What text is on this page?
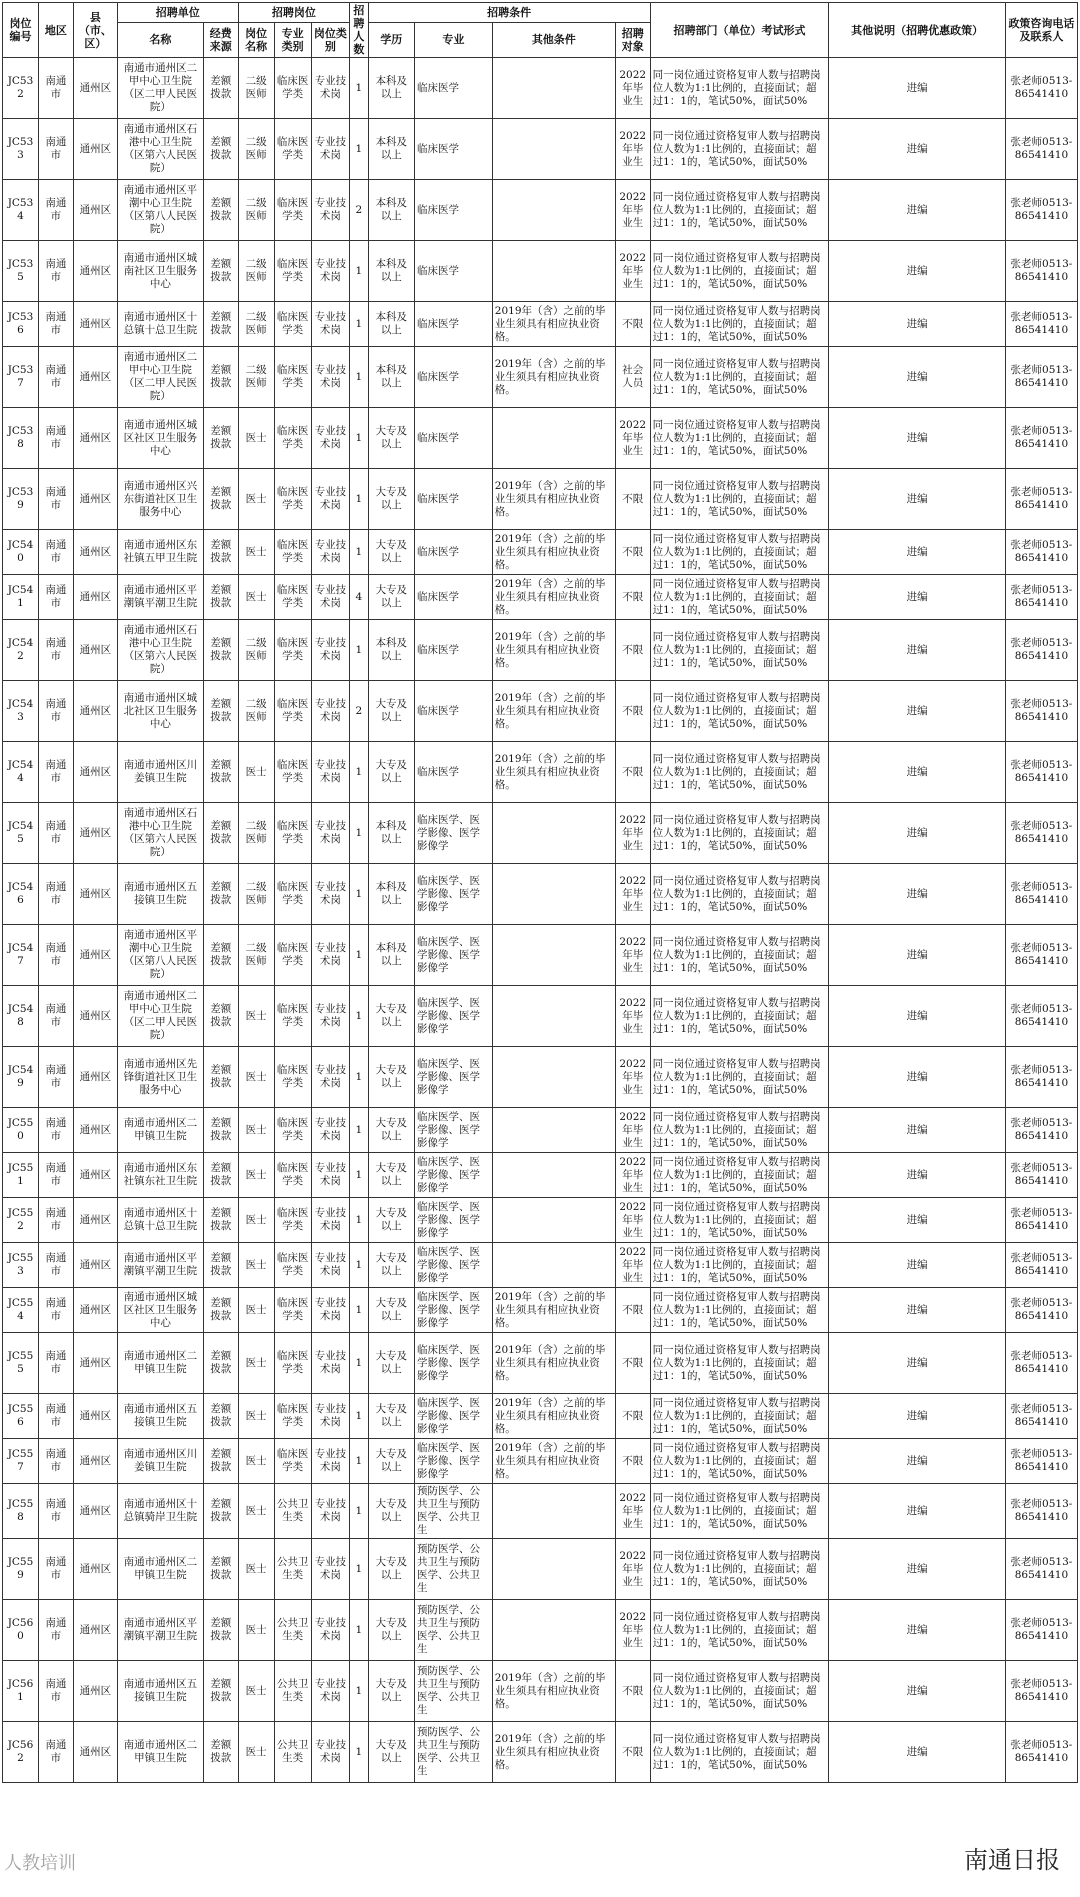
岗位编号	地区	县（市、区）	招聘单位		招聘岗位			招聘人数	招聘条件				招聘部门（单位）考试形式	其他说明（招聘优惠政策）	政策咨询电话及联系人
			名称	经费来源	岗位名称	专业类别	岗位类别		学历	专业	其他条件	招聘对象			
JC532	南通市	通州区	南通市通州区二甲中心卫生院（区二甲人民医院）	差额拨款	二级医师	临床医学类	专业技术岗	1	本科及以上	临床医学		2022年毕业生	同一岗位通过资格复审人数与招聘岗位人数为1:1比例的，直接面试；超过1：1的，笔试50%，面试50%	进编	张老师0513-86541410
JC533	南通市	通州区	南通市通州区石港中心卫生院（区第六人民医院）	差额拨款	二级医师	临床医学类	专业技术岗	1	本科及以上	临床医学		2022年毕业生	同一岗位通过资格复审人数与招聘岗位人数为1:1比例的，直接面试；超过1：1的，笔试50%，面试50%	进编	张老师0513-86541410
JC534	南通市	通州区	南通市通州区平潮中心卫生院（区第八人民医院）	差额拨款	二级医师	临床医学类	专业技术岗	2	本科及以上	临床医学		2022年毕业生	同一岗位通过资格复审人数与招聘岗位人数为1:1比例的，直接面试；超过1：1的，笔试50%，面试50%	进编	张老师0513-86541410
JC535	南通市	通州区	南通市通州区城南社区卫生服务中心	差额拨款	二级医师	临床医学类	专业技术岗	1	本科及以上	临床医学		2022年毕业生	同一岗位通过资格复审人数与招聘岗位人数为1:1比例的，直接面试；超过1：1的，笔试50%，面试50%	进编	张老师0513-86541410
JC536	南通市	通州区	南通市通州区十总镇十总卫生院	差额拨款	二级医师	临床医学类	专业技术岗	1	本科及以上	临床医学	2019年（含）之前的毕业生须具有相应执业资格。	不限	同一岗位通过资格复审人数与招聘岗位人数为1:1比例的，直接面试；超过1：1的，笔试50%，面试50%	进编	张老师0513-86541410
JC537	南通市	通州区	南通市通州区二甲中心卫生院（区二甲人民医院）	差额拨款	二级医师	临床医学类	专业技术岗	1	本科及以上	临床医学	2019年（含）之前的毕业生须具有相应执业资格。	社会人员	同一岗位通过资格复审人数与招聘岗位人数为1:1比例的，直接面试；超过1：1的，笔试50%，面试50%	进编	张老师0513-86541410
JC538	南通市	通州区	南通市通州区城区社区卫生服务中心	差额拨款	医士	临床医学类	专业技术岗	1	大专及以上	临床医学		2022年毕业生	同一岗位通过资格复审人数与招聘岗位人数为1:1比例的，直接面试；超过1：1的，笔试50%，面试50%	进编	张老师0513-86541410
JC539	南通市	通州区	南通市通州区兴东街道社区卫生服务中心	差额拨款	医士	临床医学类	专业技术岗	1	大专及以上	临床医学	2019年（含）之前的毕业生须具有相应执业资格。	不限	同一岗位通过资格复审人数与招聘岗位人数为1:1比例的，直接面试；超过1：1的，笔试50%，面试50%	进编	张老师0513-86541410
JC540	南通市	通州区	南通市通州区东社镇五甲卫生院	差额拨款	医士	临床医学类	专业技术岗	1	大专及以上	临床医学	2019年（含）之前的毕业生须具有相应执业资格。	不限	同一岗位通过资格复审人数与招聘岗位人数为1:1比例的，直接面试；超过1：1的，笔试50%，面试50%	进编	张老师0513-86541410
JC541	南通市	通州区	南通市通州区平潮镇平潮卫生院	差额拨款	医士	临床医学类	专业技术岗	4	大专及以上	临床医学	2019年（含）之前的毕业生须具有相应执业资格。	不限	同一岗位通过资格复审人数与招聘岗位人数为1:1比例的，直接面试；超过1：1的，笔试50%，面试50%	进编	张老师0513-86541410
JC542	南通市	通州区	南通市通州区石港中心卫生院（区第六人民医院）	差额拨款	二级医师	临床医学类	专业技术岗	1	本科及以上	临床医学	2019年（含）之前的毕业生须具有相应执业资格。	不限	同一岗位通过资格复审人数与招聘岗位人数为1:1比例的，直接面试；超过1：1的，笔试50%，面试50%	进编	张老师0513-86541410
JC543	南通市	通州区	南通市通州区城北社区卫生服务中心	差额拨款	二级医师	临床医学类	专业技术岗	2	大专及以上	临床医学	2019年（含）之前的毕业生须具有相应执业资格。	不限	同一岗位通过资格复审人数与招聘岗位人数为1:1比例的，直接面试；超过1：1的，笔试50%，面试50%	进编	张老师0513-86541410
JC544	南通市	通州区	南通市通州区川姜镇卫生院	差额拨款	医士	临床医学类	专业技术岗	1	大专及以上	临床医学	2019年（含）之前的毕业生须具有相应执业资格。	不限	同一岗位通过资格复审人数与招聘岗位人数为1:1比例的，直接面试；超过1：1的，笔试50%，面试50%	进编	张老师0513-86541410
JC545	南通市	通州区	南通市通州区石港中心卫生院（区第六人民医院）	差额拨款	二级医师	临床医学类	专业技术岗	1	本科及以上	临床医学、医学影像、医学影像学		2022年毕业生	同一岗位通过资格复审人数与招聘岗位人数为1:1比例的，直接面试；超过1：1的，笔试50%，面试50%	进编	张老师0513-86541410
JC546	南通市	通州区	南通市通州区五接镇卫生院	差额拨款	二级医师	临床医学类	专业技术岗	1	本科及以上	临床医学、医学影像、医学影像学		2022年毕业生	同一岗位通过资格复审人数与招聘岗位人数为1:1比例的，直接面试；超过1：1的，笔试50%，面试50%	进编	张老师0513-86541410
JC547	南通市	通州区	南通市通州区平潮中心卫生院（区第八人民医院）	差额拨款	二级医师	临床医学类	专业技术岗	1	本科及以上	临床医学、医学影像、医学影像学		2022年毕业生	同一岗位通过资格复审人数与招聘岗位人数为1:1比例的，直接面试；超过1：1的，笔试50%，面试50%	进编	张老师0513-86541410
JC548	南通市	通州区	南通市通州区二甲中心卫生院（区二甲人民医院）	差额拨款	医士	临床医学类	专业技术岗	1	大专及以上	临床医学、医学影像、医学影像学		2022年毕业生	同一岗位通过资格复审人数与招聘岗位人数为1:1比例的，直接面试；超过1：1的，笔试50%，面试50%	进编	张老师0513-86541410
JC549	南通市	通州区	南通市通州区先锋街道社区卫生服务中心	差额拨款	医士	临床医学类	专业技术岗	1	大专及以上	临床医学、医学影像、医学影像学		2022年毕业生	同一岗位通过资格复审人数与招聘岗位人数为1:1比例的，直接面试；超过1：1的，笔试50%，面试50%	进编	张老师0513-86541410
JC550	南通市	通州区	南通市通州区二甲镇卫生院	差额拨款	医士	临床医学类	专业技术岗	1	大专及以上	临床医学、医学影像、医学影像学		2022年毕业生	同一岗位通过资格复审人数与招聘岗位人数为1:1比例的，直接面试；超过1：1的，笔试50%，面试50%	进编	张老师0513-86541410
JC551	南通市	通州区	南通市通州区东社镇东社卫生院	差额拨款	医士	临床医学类	专业技术岗	1	大专及以上	临床医学、医学影像、医学影像学		2022年毕业生	同一岗位通过资格复审人数与招聘岗位人数为1:1比例的，直接面试；超过1：1的，笔试50%，面试50%	进编	张老师0513-86541410
JC552	南通市	通州区	南通市通州区十总镇十总卫生院	差额拨款	医士	临床医学类	专业技术岗	1	大专及以上	临床医学、医学影像、医学影像学		2022年毕业生	同一岗位通过资格复审人数与招聘岗位人数为1:1比例的，直接面试；超过1：1的，笔试50%，面试50%	进编	张老师0513-86541410
JC553	南通市	通州区	南通市通州区平潮镇平潮卫生院	差额拨款	医士	临床医学类	专业技术岗	1	大专及以上	临床医学、医学影像、医学影像学		2022年毕业生	同一岗位通过资格复审人数与招聘岗位人数为1:1比例的，直接面试；超过1：1的，笔试50%，面试50%	进编	张老师0513-86541410
JC554	南通市	通州区	南通市通州区城区社区卫生服务中心	差额拨款	医士	临床医学类	专业技术岗	1	大专及以上	临床医学、医学影像、医学影像学	2019年（含）之前的毕业生须具有相应执业资格。	不限	同一岗位通过资格复审人数与招聘岗位人数为1:1比例的，直接面试；超过1：1的，笔试50%，面试50%	进编	张老师0513-86541410
JC555	南通市	通州区	南通市通州区二甲镇卫生院	差额拨款	医士	临床医学类	专业技术岗	1	大专及以上	临床医学、医学影像、医学影像学	2019年（含）之前的毕业生须具有相应执业资格。	不限	同一岗位通过资格复审人数与招聘岗位人数为1:1比例的，直接面试；超过1：1的，笔试50%，面试50%	进编	张老师0513-86541410
JC556	南通市	通州区	南通市通州区五接镇卫生院	差额拨款	医士	临床医学类	专业技术岗	1	大专及以上	临床医学、医学影像、医学影像学	2019年（含）之前的毕业生须具有相应执业资格。	不限	同一岗位通过资格复审人数与招聘岗位人数为1:1比例的，直接面试；超过1：1的，笔试50%，面试50%	进编	张老师0513-86541410
JC557	南通市	通州区	南通市通州区川姜镇卫生院	差额拨款	医士	临床医学类	专业技术岗	1	大专及以上	临床医学、医学影像、医学影像学	2019年（含）之前的毕业生须具有相应执业资格。	不限	同一岗位通过资格复审人数与招聘岗位人数为1:1比例的，直接面试；超过1：1的，笔试50%，面试50%	进编	张老师0513-86541410
JC558	南通市	通州区	南通市通州区十总镇骑岸卫生院	差额拨款	医士	公共卫生类	专业技术岗	1	大专及以上	预防医学、公共卫生与预防医学、公共卫生		2022年毕业生	同一岗位通过资格复审人数与招聘岗位人数为1:1比例的，直接面试；超过1：1的，笔试50%，面试50%	进编	张老师0513-86541410
JC559	南通市	通州区	南通市通州区二甲镇卫生院	差额拨款	医士	公共卫生类	专业技术岗	1	大专及以上	预防医学、公共卫生与预防医学、公共卫生		2022年毕业生	同一岗位通过资格复审人数与招聘岗位人数为1:1比例的，直接面试；超过1：1的，笔试50%，面试50%	进编	张老师0513-86541410
JC560	南通市	通州区	南通市通州区平潮镇平潮卫生院	差额拨款	医士	公共卫生类	专业技术岗	1	大专及以上	预防医学、公共卫生与预防医学、公共卫生		2022年毕业生	同一岗位通过资格复审人数与招聘岗位人数为1:1比例的，直接面试；超过1：1的，笔试50%，面试50%	进编	张老师0513-86541410
JC561	南通市	通州区	南通市通州区五接镇卫生院	差额拨款	医士	公共卫生类	专业技术岗	1	大专及以上	预防医学、公共卫生与预防医学、公共卫生	2019年（含）之前的毕业生须具有相应执业资格。	不限	同一岗位通过资格复审人数与招聘岗位人数为1:1比例的，直接面试；超过1：1的，笔试50%，面试50%	进编	张老师0513-86541410
JC562	南通市	通州区	南通市通州区二甲镇卫生院	差额拨款	医士	公共卫生类	专业技术岗	1	大专及以上	预防医学、公共卫生与预防医学、公共卫生	2019年（含）之前的毕业生须具有相应执业资格。	不限	同一岗位通过资格复审人数与招聘岗位人数为1:1比例的，直接面试；超过1：1的，笔试50%，面试50%	进编	张老师0513-86541410
人教培训	南通日报
